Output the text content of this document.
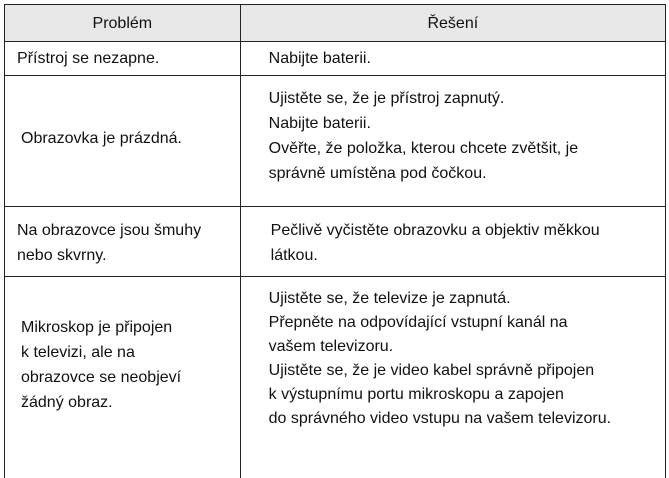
Problém	Řešení
Přístroj se nezapne.	Nabijte baterii.
Obrazovka je prázdná.
Ujistěte se, že je přístroj zapnutý.
Nabijte baterii.
Ověřte, že položka, kterou chcete zvětšit, je
správně umístěna pod čočkou.
Na obrazovce jsou šmuhy
nebo skvrny.
Pečlivě vyčistěte obrazovku a objektiv měkkou
látkou.
Mikroskop je připojen
k televizi, ale na
obrazovce se neobjeví
žádný obraz.
Ujistěte se, že televize je zapnutá.
Přepněte na odpovídající vstupní kanál na
vašem televizoru.
Ujistěte se, že je video kabel správně připojen
k výstupnímu portu mikroskopu a zapojen
do správného video vstupu na vašem televizoru.
